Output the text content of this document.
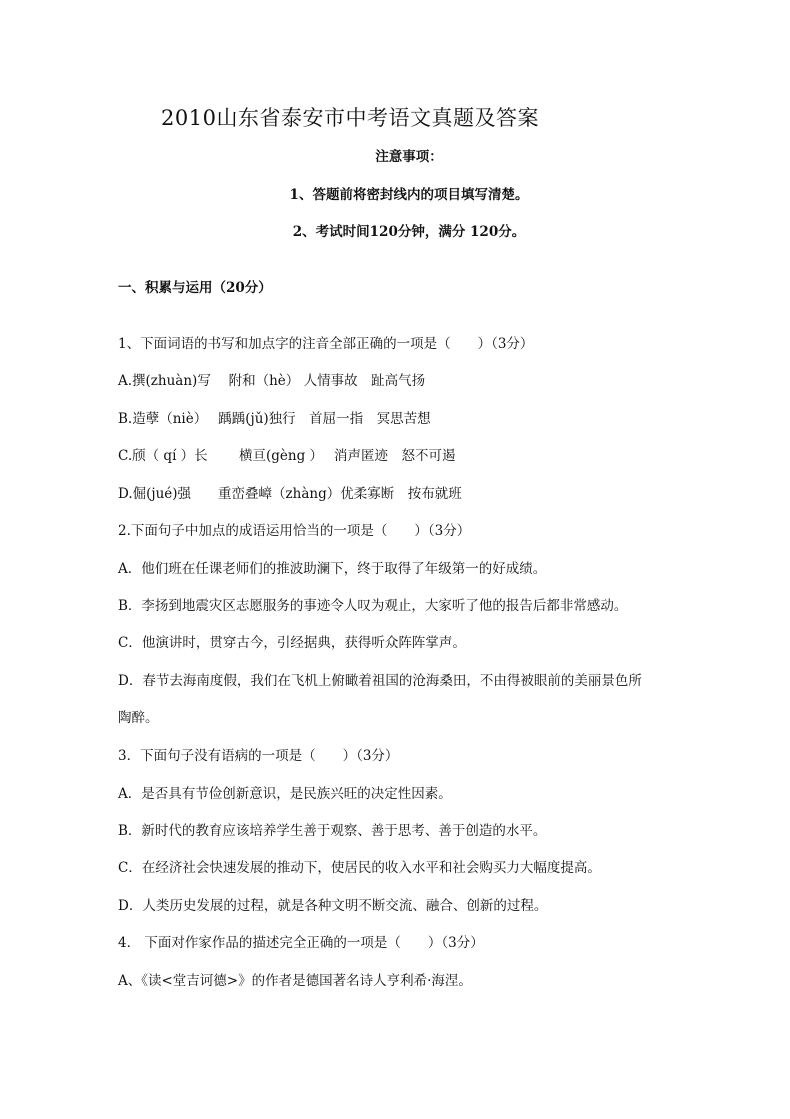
2010山东省泰安市中考语文真题及答案
注意事项：
1、答题前将密封线内的项目填写清楚。
2、考试时间120分钟，满分 120分。
一、积累与运用（20分）
1、下面词语的书写和加点字的注音全部正确的一项是（　　）（3分）
A.撰(zhuàn)写　 附和（hè） 人情事故　趾高气扬
B.造孽（niè）　 踽踽(jǔ)独行　首屈一指　冥思苦想
C.颀（ qí ）长　　 横亘(gèng ）　 消声匿迹　怒不可遏
D.倔(jué)强　　重峦叠嶂（zhàng）优柔寡断　按布就班
2.下面句子中加点的成语运用恰当的一项是（　　）（3分）
A．他们班在任课老师们的推波助澜下，终于取得了年级第一的好成绩。
B．李扬到地震灾区志愿服务的事迹令人叹为观止，大家听了他的报告后都非常感动。
C．他演讲时，贯穿古今，引经据典，获得听众阵阵掌声。
D．春节去海南度假，我们在飞机上俯瞰着祖国的沧海桑田，不由得被眼前的美丽景色所
陶醉。
3．下面句子没有语病的一项是（　　）（3分）
A．是否具有节俭创新意识，是民族兴旺的决定性因素。
B．新时代的教育应该培养学生善于观察、善于思考、善于创造的水平。
C．在经济社会快速发展的推动下，使居民的收入水平和社会购买力大幅度提高。
D．人类历史发展的过程，就是各种文明不断交流、融合、创新的过程。
4． 下面对作家作品的描述完全正确的一项是（　　）（3分）
A、《读<堂吉诃德>》的作者是德国著名诗人亨利希·海涅。
